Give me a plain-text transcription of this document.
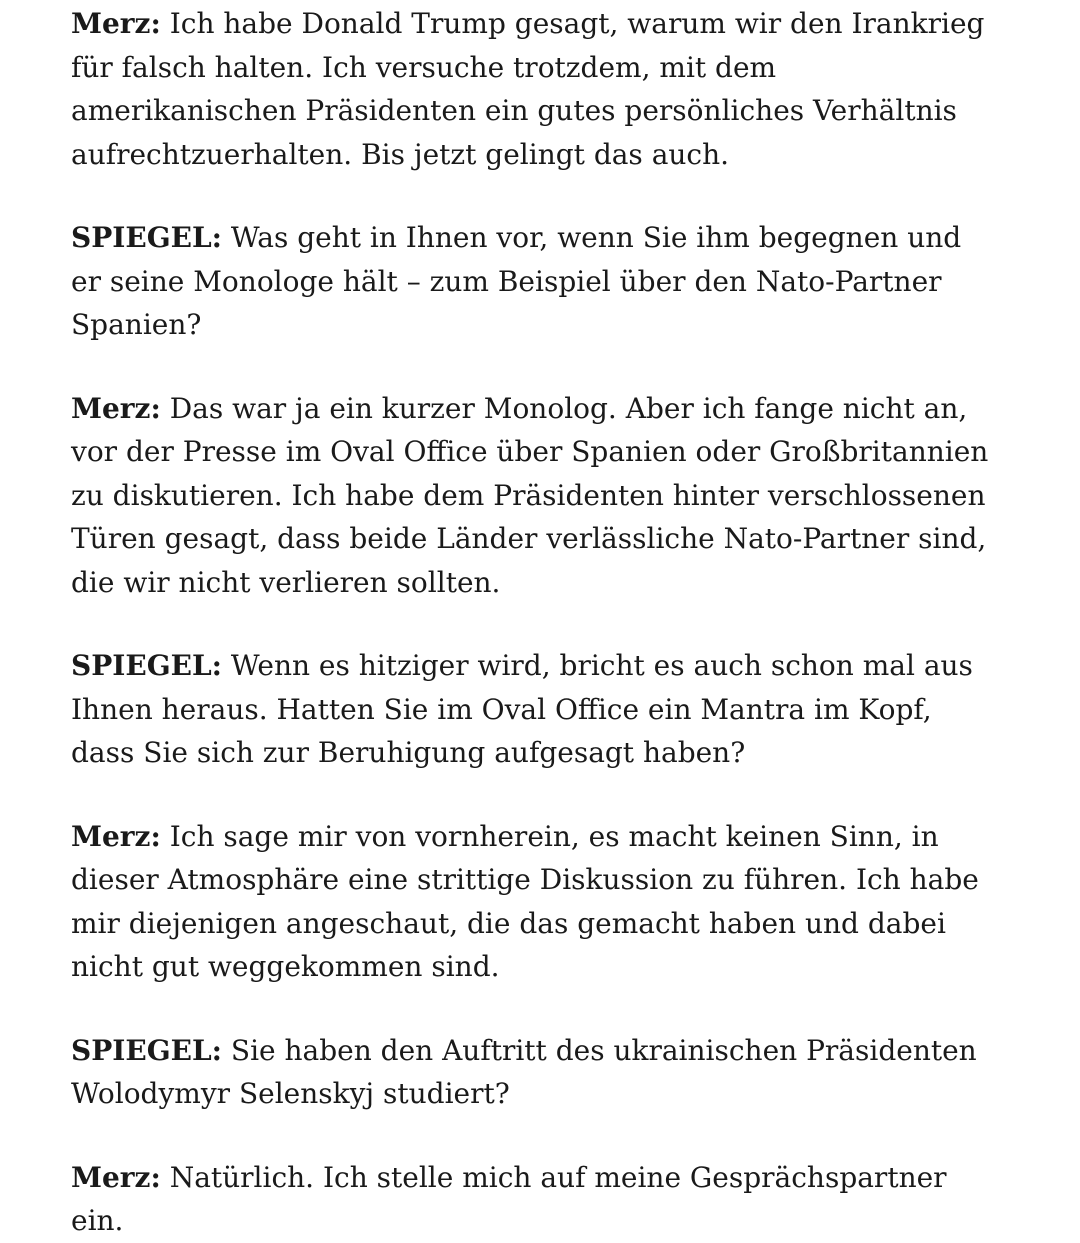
Merz: Ich habe Donald Trump gesagt, warum wir den Irankrieg für falsch halten. Ich versuche trotzdem, mit dem amerikanischen Präsidenten ein gutes persönliches Verhältnis aufrechtzuerhalten. Bis jetzt gelingt das auch.

SPIEGEL: Was geht in Ihnen vor, wenn Sie ihm begegnen und er seine Monologe hält – zum Beispiel über den Nato-Partner Spanien?

Merz: Das war ja ein kurzer Monolog. Aber ich fange nicht an, vor der Presse im Oval Office über Spanien oder Großbritannien zu diskutieren. Ich habe dem Präsidenten hinter verschlossenen Türen gesagt, dass beide Länder verlässliche Nato-Partner sind, die wir nicht verlieren sollten.

SPIEGEL: Wenn es hitziger wird, bricht es auch schon mal aus Ihnen heraus. Hatten Sie im Oval Office ein Mantra im Kopf, dass Sie sich zur Beruhigung aufgesagt haben?

Merz: Ich sage mir von vornherein, es macht keinen Sinn, in dieser Atmosphäre eine strittige Diskussion zu führen. Ich habe mir diejenigen angeschaut, die das gemacht haben und dabei nicht gut weggekommen sind.

SPIEGEL: Sie haben den Auftritt des ukrainischen Präsidenten Wolodymyr Selenskyj studiert?

Merz: Natürlich. Ich stelle mich auf meine Gesprächspartner ein.
